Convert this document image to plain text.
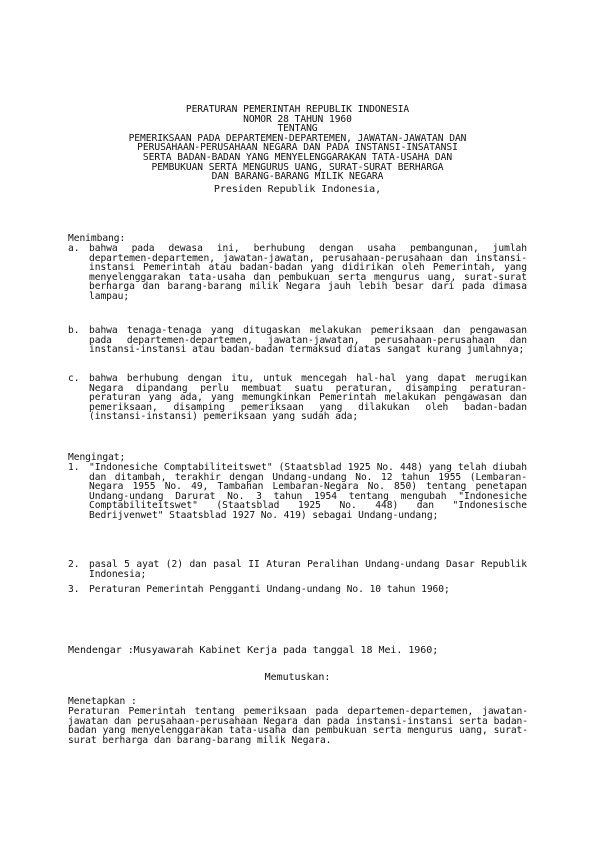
PERATURAN PEMERINTAH REPUBLIK INDONESIA
NOMOR 28 TAHUN 1960
TENTANG
PEMERIKSAAN PADA DEPARTEMEN-DEPARTEMEN, JAWATAN-JAWATAN DAN
PERUSAHAAN-PERUSAHAAN NEGARA DAN PADA INSTANSI-INSATANSI
SERTA BADAN-BADAN YANG MENYELENGGARAKAN TATA-USAHA DAN
PEMBUKUAN SERTA MENGURUS UANG, SURAT-SURAT BERHARGA
DAN BARANG-BARANG MILIK NEGARA
Presiden Republik Indonesia,
Menimbang:
a. bahwa pada dewasa ini, berhubung dengan usaha pembangunan, jumlah departemen-departemen, jawatan-jawatan, perusahaan-perusahaan dan instansi-instansi Pemerintah atau badan-badan yang didirikan oleh Pemerintah, yang menyelenggarakan tata-usaha dan pembukuan serta mengurus uang, surat-surat berharga dan barang-barang milik Negara jauh lebih besar dari pada dimasa lampau;
b. bahwa tenaga-tenaga yang ditugaskan melakukan pemeriksaan dan pengawasan pada departemen-departemen, jawatan-jawatan, perusahaan-perusahaan dan instansi-instansi atau badan-badan termaksud diatas sangat kurang jumlahnya;
c. bahwa berhubung dengan itu, untuk mencegah hal-hal yang dapat merugikan Negara dipandang perlu membuat suatu peraturan, disamping peraturan-peraturan yang ada, yang memungkinkan Pemerintah melakukan pengawasan dan pemeriksaan, disamping pemeriksaan yang dilakukan oleh badan-badan (instansi-instansi) pemeriksaan yang sudah ada;
Mengingat;
1. "Indonesiche Comptabiliteitswet" (Staatsblad 1925 No. 448) yang telah diubah dan ditambah, terakhir dengan Undang-undang No. 12 tahun 1955 (Lembaran-Negara 1955 No. 49, Tambahan Lembaran-Negara No. 850) tentang penetapan Undang-undang Darurat No. 3 tahun 1954 tentang mengubah "Indonesiche Comptabiliteitswet" (Staatsblad 1925 No. 448) dan "Indonesische Bedrijvenwet" Staatsblad 1927 No. 419) sebagai Undang-undang;
2. pasal 5 ayat (2) dan pasal II Aturan Peralihan Undang-undang Dasar Republik Indonesia;
3. Peraturan Pemerintah Pengganti Undang-undang No. 10 tahun 1960;
Mendengar :Musyawarah Kabinet Kerja pada tanggal 18 Mei. 1960;
Memutuskan:
Menetapkan :
Peraturan Pemerintah tentang pemeriksaan pada departemen-departemen, jawatan-jawatan dan perusahaan-perusahaan Negara dan pada instansi-instansi serta badan-badan yang menyelenggarakan tata-usaha dan pembukuan serta mengurus uang, surat-surat berharga dan barang-barang milik Negara.
